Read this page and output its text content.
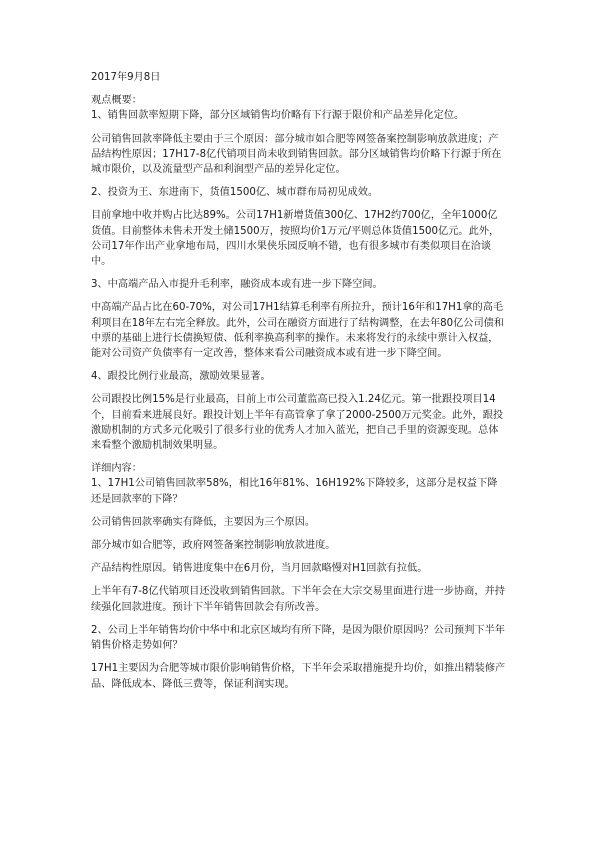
2017年9月8日

观点概要：

1、销售回款率短期下降，部分区域销售均价略有下行源于限价和产品差异化定位。

公司销售回款率降低主要由于三个原因：部分城市如合肥等网签备案控制影响放款进度；产品结构性原因；17H17-8亿代销项目尚未收到销售回款。部分区域销售均价略下行源于所在城市限价，以及流量型产品和利润型产品的差异化定位。

2、投资为王、东进南下，货值1500亿、城市群布局初见成效。

目前拿地中收并购占比达89%。公司17H1新增货值300亿、17H2约700亿，全年1000亿货值。目前整体未售未开发土储1500万，按照均价1万元/平则总体货值1500亿元。此外，公司17年作出产业拿地布局，四川水果侠乐园反响不错，也有很多城市有类似项目在洽谈中。

3、中高端产品入市提升毛利率，融资成本或有进一步下降空间。

中高端产品占比在60-70%，对公司17H1结算毛利率有所拉升，预计16年和17H1拿的高毛利项目在18年左右完全释放。此外，公司在融资方面进行了结构调整，在去年80亿公司债和中票的基础上进行长债换短债、低利率换高利率的操作。未来将发行的永续中票计入权益，能对公司资产负债率有一定改善，整体来看公司融资成本或有进一步下降空间。

4、跟投比例行业最高，激励效果显著。

公司跟投比例15%是行业最高，目前上市公司董监高已投入1.24亿元。第一批跟投项目14个，目前看来进展良好。跟投计划上半年有高管拿了拿了2000-2500万元奖金。此外，跟投激励机制的方式多元化吸引了很多行业的优秀人才加入蓝光，把自己手里的资源变现。总体来看整个激励机制效果明显。

详细内容：

1、17H1公司销售回款率58%，相比16年81%、16H192%下降较多，这部分是权益下降还是回款率的下降？

公司销售回款率确实有降低，主要因为三个原因。

部分城市如合肥等，政府网签备案控制影响放款进度。

产品结构性原因。销售进度集中在6月份，当月回款略慢对H1回款有拉低。

上半年有7-8亿代销项目还没收到销售回款。下半年会在大宗交易里面进行进一步协商，并持续强化回款进度。预计下半年销售回款会有所改善。

2、公司上半年销售均价中华中和北京区域均有所下降，是因为限价原因吗？公司预判下半年销售价格走势如何？

17H1主要因为合肥等城市限价影响销售价格，下半年会采取措施提升均价，如推出精装修产品、降低成本、降低三费等，保证利润实现。
